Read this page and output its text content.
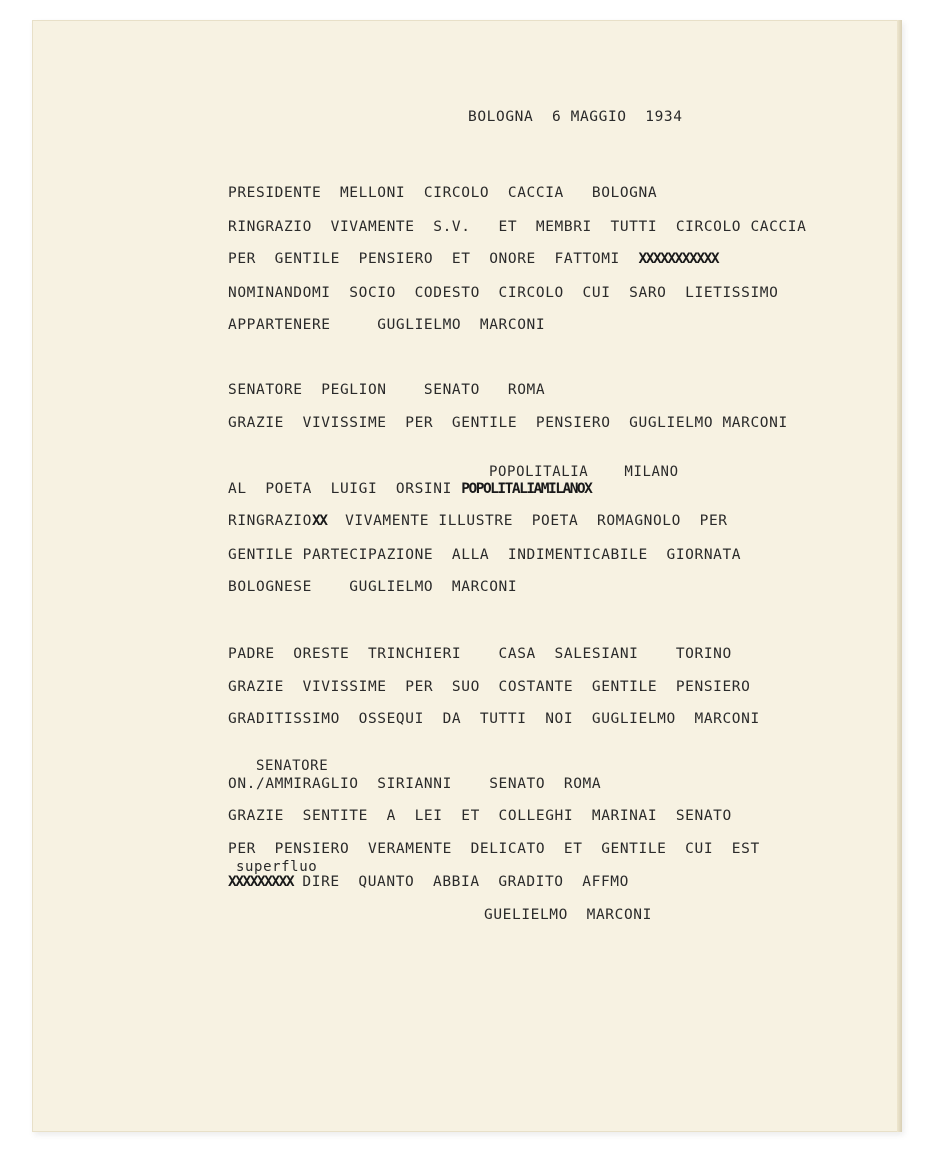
BOLOGNA  6 MAGGIO  1934
PRESIDENTE  MELLONI  CIRCOLO  CACCIA   BOLOGNA
RINGRAZIO  VIVAMENTE  S.V.   ET  MEMBRI  TUTTI  CIRCOLO CACCIA
PER  GENTILE  PENSIERO  ET  ONORE  FATTOMI  XXXXXXXXXXX
NOMINANDOMI  SOCIO  CODESTO  CIRCOLO  CUI  SARO  LIETISSIMO
APPARTENERE     GUGLIELMO  MARCONI
SENATORE  PEGLION    SENATO   ROMA
GRAZIE  VIVISSIME  PER  GENTILE  PENSIERO  GUGLIELMO MARCONI
POPOLITALIA    MILANO
AL  POETA  LUIGI  ORSINI POPOLITALIAMILANOX
RINGRAZIOXX  VIVAMENTE ILLUSTRE  POETA  ROMAGNOLO  PER
GENTILE PARTECIPAZIONE  ALLA  INDIMENTICABILE  GIORNATA
BOLOGNESE    GUGLIELMO  MARCONI
PADRE  ORESTE  TRINCHIERI    CASA  SALESIANI    TORINO
GRAZIE  VIVISSIME  PER  SUO  COSTANTE  GENTILE  PENSIERO
GRADITISSIMO  OSSEQUI  DA  TUTTI  NOI  GUGLIELMO  MARCONI
SENATORE
ON./AMMIRAGLIO  SIRIANNI    SENATO  ROMA
GRAZIE  SENTITE  A  LEI  ET  COLLEGHI  MARINAI  SENATO
PER  PENSIERO  VERAMENTE  DELICATO  ET  GENTILE  CUI  EST
superfluo
XXXXXXXXX DIRE  QUANTO  ABBIA  GRADITO  AFFMO
GUELIELMO  MARCONI
